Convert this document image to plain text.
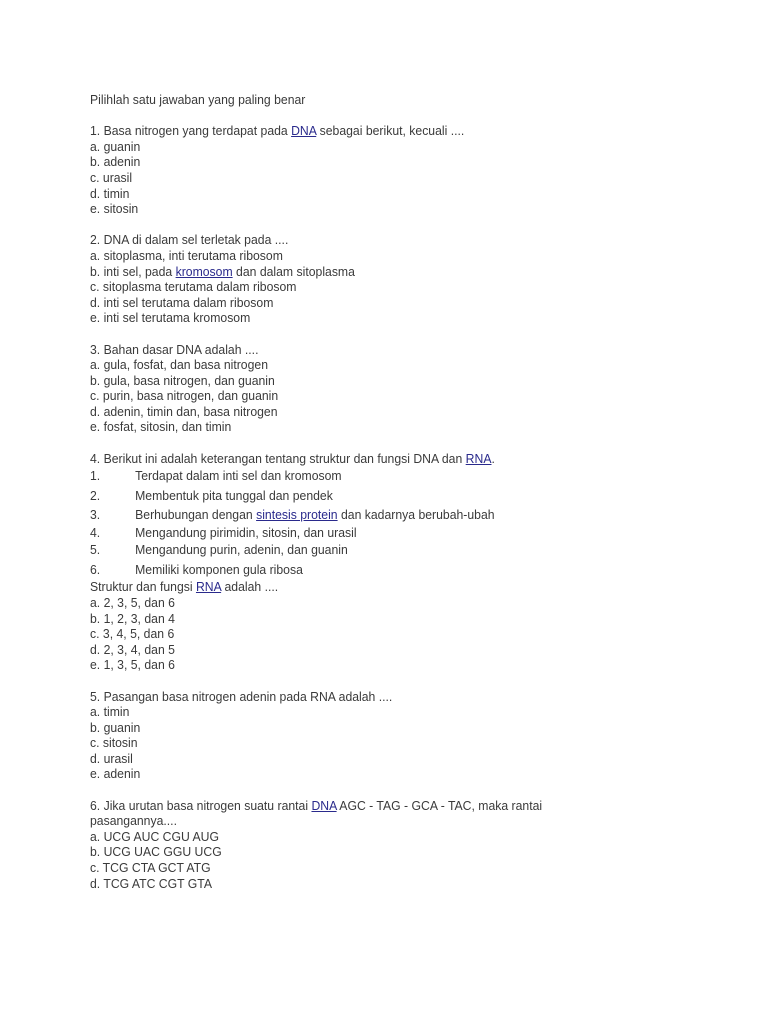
Pilihlah satu jawaban yang paling benar
1. Basa nitrogen yang terdapat pada DNA sebagai berikut, kecuali ....
a. guanin
b. adenin
c. urasil
d. timin
e. sitosin
2. DNA di dalam sel terletak pada ....
a. sitoplasma, inti terutama ribosom
b. inti sel, pada kromosom dan dalam sitoplasma
c. sitoplasma terutama dalam ribosom
d. inti sel terutama dalam ribosom
e. inti sel terutama kromosom
3. Bahan dasar DNA adalah ....
a. gula, fosfat, dan basa nitrogen
b. gula, basa nitrogen, dan guanin
c. purin, basa nitrogen, dan guanin
d. adenin, timin dan, basa nitrogen
e. fosfat, sitosin, dan timin
4. Berikut ini adalah keterangan tentang struktur dan fungsi DNA dan RNA.
1.	Terdapat dalam inti sel dan kromosom
2.	Membentuk pita tunggal dan pendek
3.	Berhubungan dengan sintesis protein dan kadarnya berubah-ubah
4.	Mengandung pirimidin, sitosin, dan urasil
5.	Mengandung purin, adenin, dan guanin
6.	Memiliki komponen gula ribosa
Struktur dan fungsi RNA adalah ....
a. 2, 3, 5, dan 6
b. 1, 2, 3, dan 4
c. 3, 4, 5, dan 6
d. 2, 3, 4, dan 5
e. 1, 3, 5, dan 6
5. Pasangan basa nitrogen adenin pada RNA adalah ....
a. timin
b. guanin
c. sitosin
d. urasil
e. adenin
6. Jika urutan basa nitrogen suatu rantai DNA AGC - TAG - GCA - TAC, maka rantai
pasangannya....
a. UCG AUC CGU AUG
b. UCG UAC GGU UCG
c. TCG CTA GCT ATG
d. TCG ATC CGT GTA
